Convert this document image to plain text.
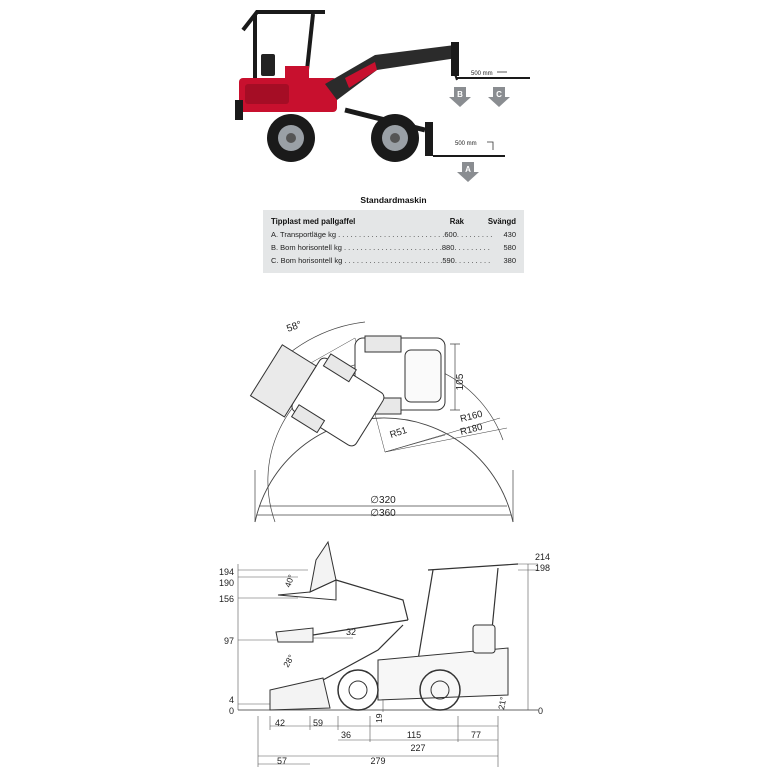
500 mm
500 mm
B	C
A
Standardmaskin
Tipplast med pallgaffel	Rak	Svängd
A. Transportläge kg . . . . . . . . . . . . . . . . . . . . . . . . . . 600. . . . . . . . .	430
B. Bom horisontell kg . . . . . . . . . . . . . . . . . . . . . . . . 880. . . . . . . . .	580
C. Bom horisontell kg . . . . . . . . . . . . . . . . . . . . . . . . 590. . . . . . . . .	380
105
58°
R51
R160
R180
∅320
∅360
194
190
156
97
4
0
214
198
0
40°
28°
21°
32
19
42	59
36	115	77
227
57	279
